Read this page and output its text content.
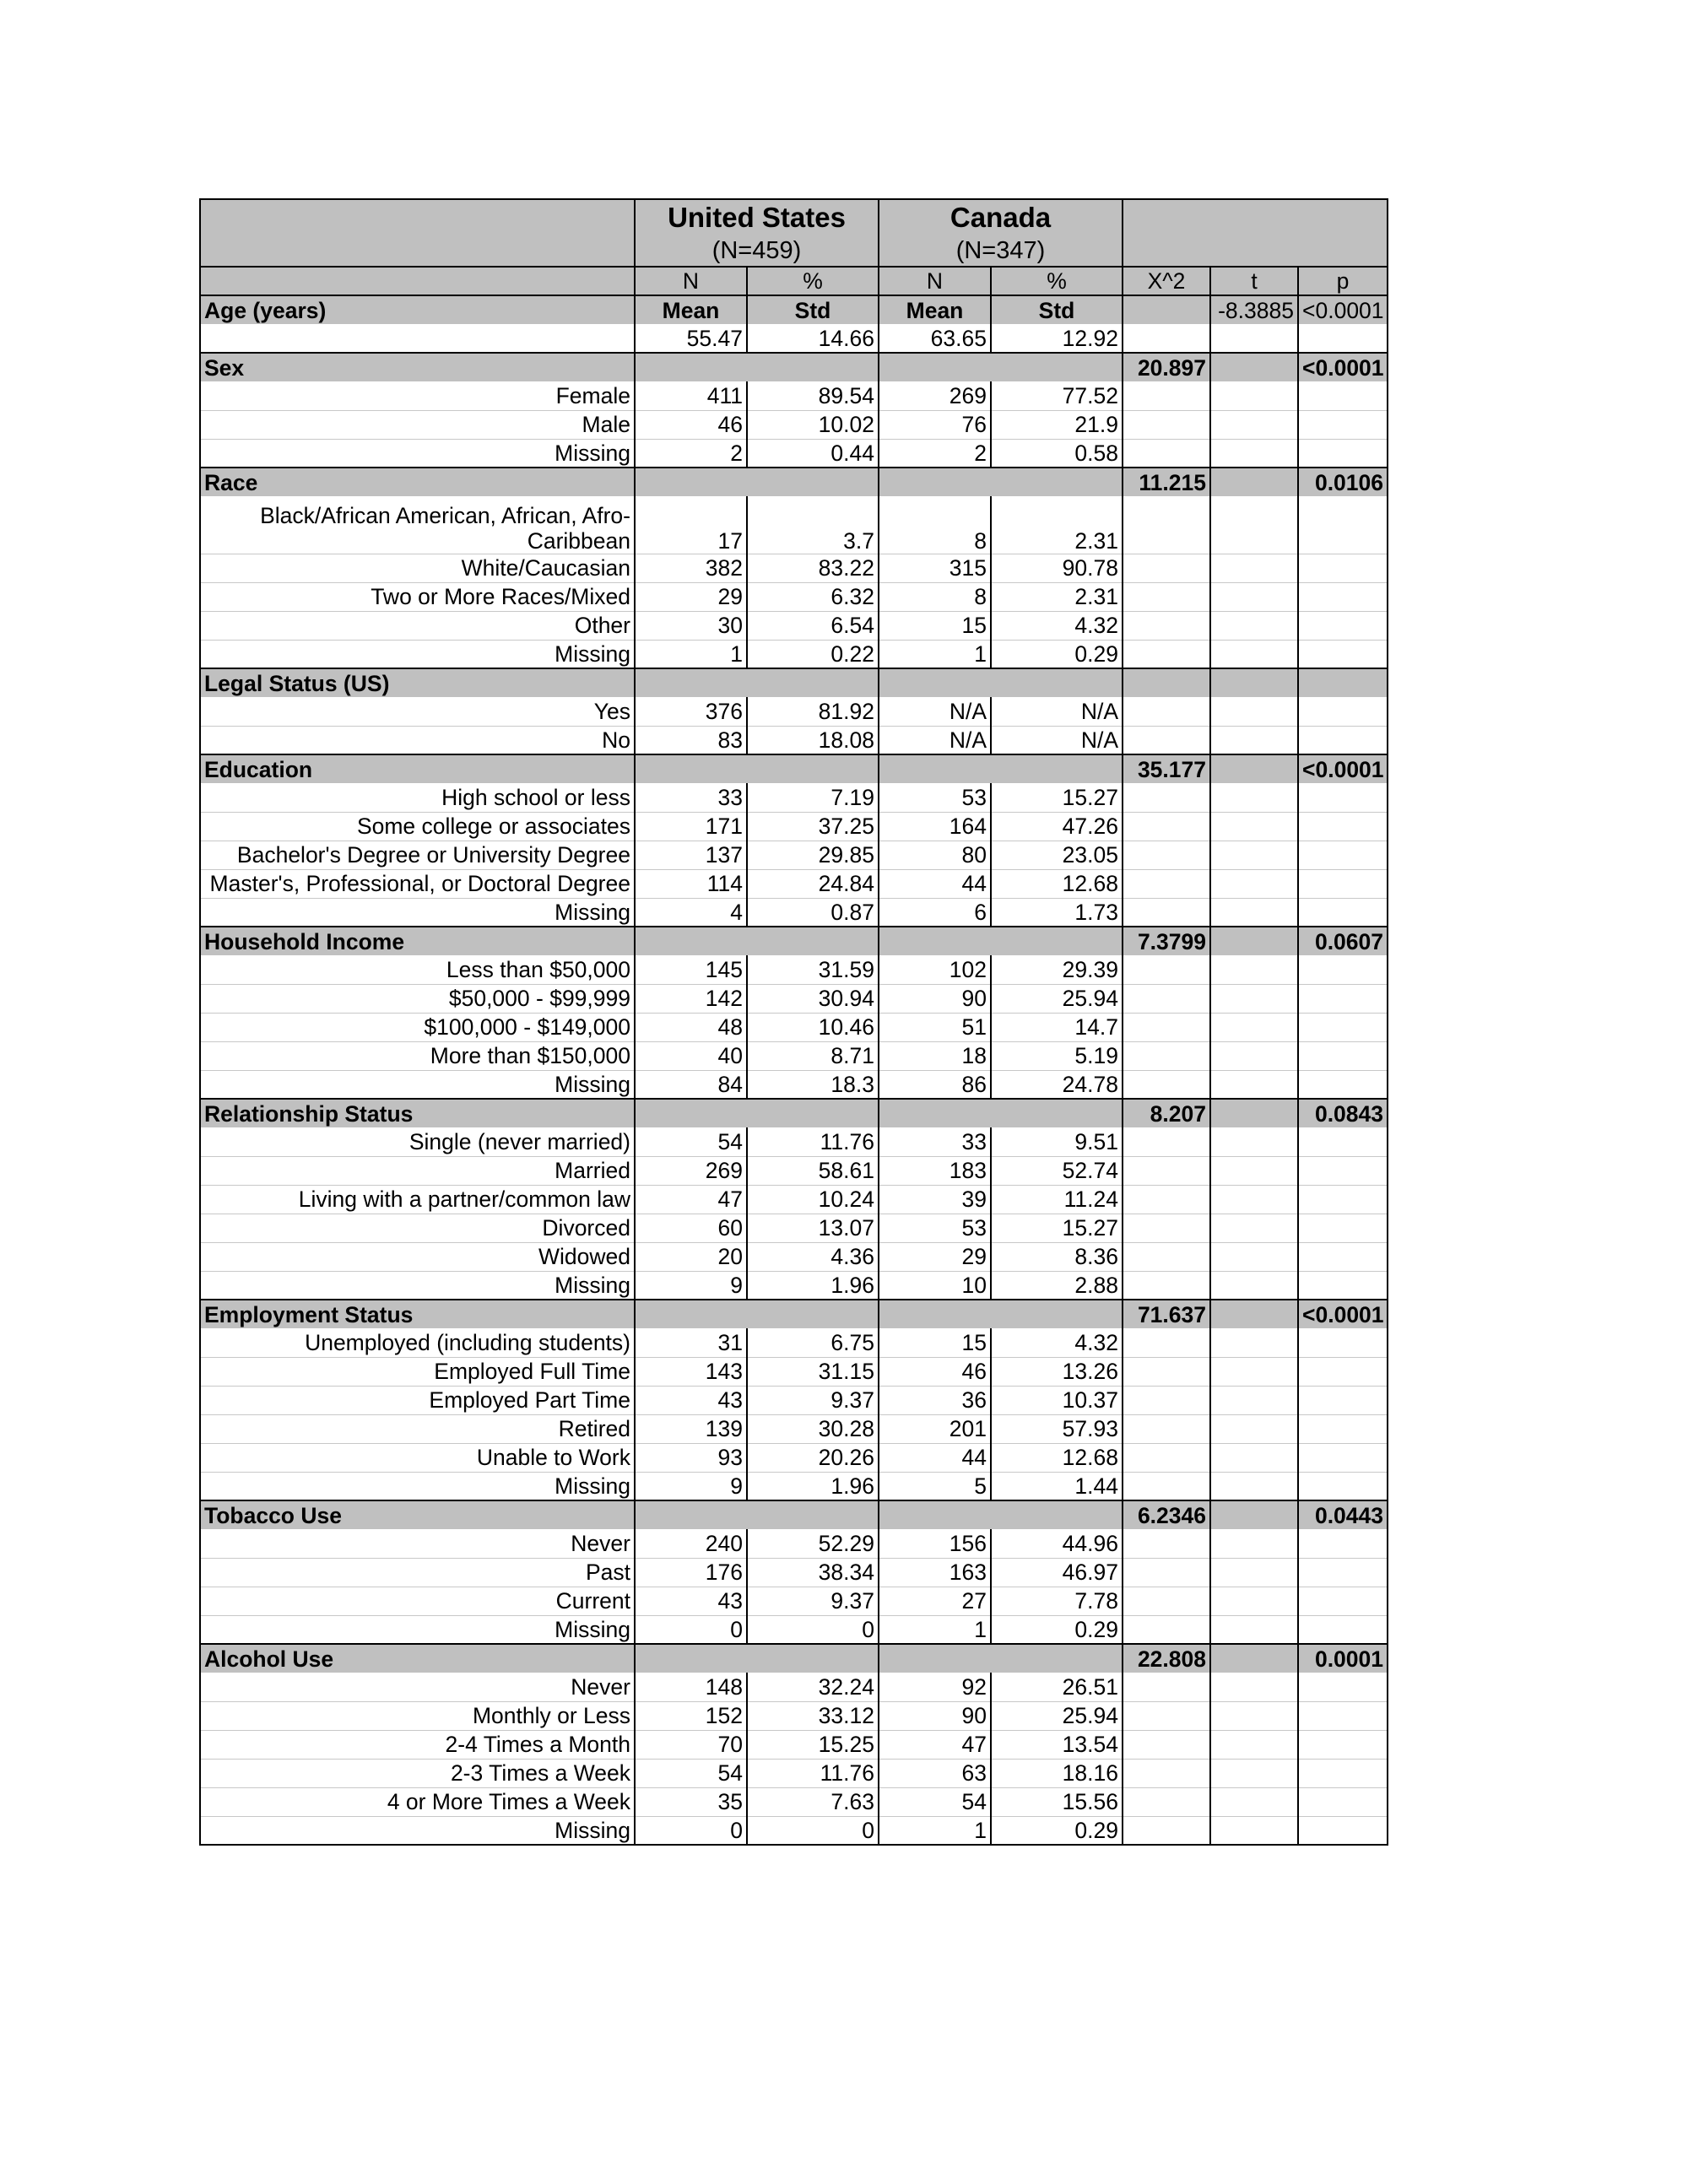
	United States		Canada				
	(N=459)		(N=347)				
	N	%	N	%	X^2	t	p
Age (years)	Mean	Std	Mean	Std		-8.3885	<0.0001
	55.47	14.66	63.65	12.92			
Sex					20.897		<0.0001
Female	411	89.54	269	77.52			
Male	46	10.02	76	21.9			
Missing	2	0.44	2	0.58			
Race					11.215		0.0106
Black/African American, African, Afro-Caribbean	17	3.7	8	2.31			
White/Caucasian	382	83.22	315	90.78			
Two or More Races/Mixed	29	6.32	8	2.31			
Other	30	6.54	15	4.32			
Missing	1	0.22	1	0.29			
Legal Status (US)							
Yes	376	81.92	N/A	N/A			
No	83	18.08	N/A	N/A			
Education					35.177		<0.0001
High school or less	33	7.19	53	15.27			
Some college or associates	171	37.25	164	47.26			
Bachelor's Degree or University Degree	137	29.85	80	23.05			
Master's, Professional, or Doctoral Degree	114	24.84	44	12.68			
Missing	4	0.87	6	1.73			
Household Income					7.3799		0.0607
Less than $50,000	145	31.59	102	29.39			
$50,000 - $99,999	142	30.94	90	25.94			
$100,000 - $149,000	48	10.46	51	14.7			
More than $150,000	40	8.71	18	5.19			
Missing	84	18.3	86	24.78			
Relationship Status					8.207		0.0843
Single (never married)	54	11.76	33	9.51			
Married	269	58.61	183	52.74			
Living with a partner/common law	47	10.24	39	11.24			
Divorced	60	13.07	53	15.27			
Widowed	20	4.36	29	8.36			
Missing	9	1.96	10	2.88			
Employment Status					71.637		<0.0001
Unemployed (including students)	31	6.75	15	4.32			
Employed Full Time	143	31.15	46	13.26			
Employed Part Time	43	9.37	36	10.37			
Retired	139	30.28	201	57.93			
Unable to Work	93	20.26	44	12.68			
Missing	9	1.96	5	1.44			
Tobacco Use					6.2346		0.0443
Never	240	52.29	156	44.96			
Past	176	38.34	163	46.97			
Current	43	9.37	27	7.78			
Missing	0	0	1	0.29			
Alcohol Use					22.808		0.0001
Never	148	32.24	92	26.51			
Monthly or Less	152	33.12	90	25.94			
2-4 Times a Month	70	15.25	47	13.54			
2-3 Times a Week	54	11.76	63	18.16			
4 or More Times a Week	35	7.63	54	15.56			
Missing	0	0	1	0.29			
